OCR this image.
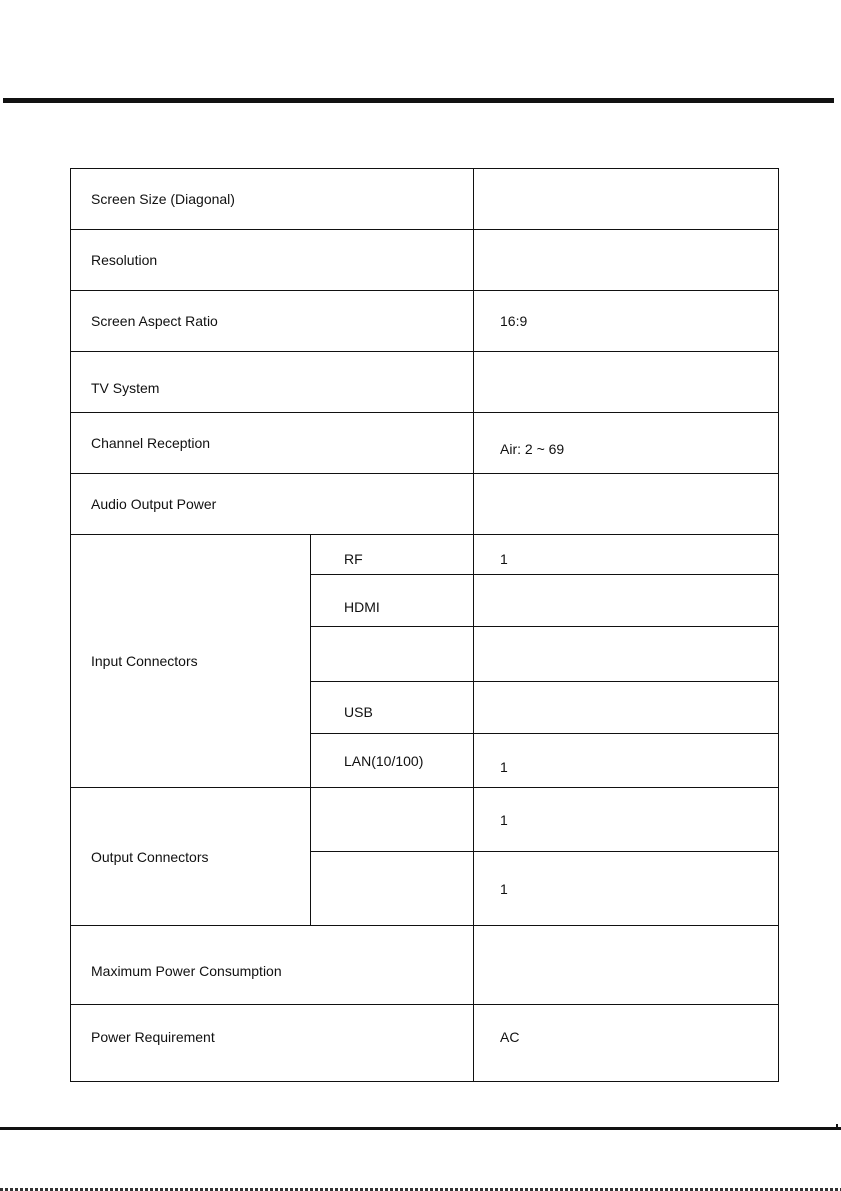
Screen Size (Diagonal)		
Resolution		
Screen Aspect Ratio		16:9
TV System		
Channel Reception		Air: 2 ~ 69
Audio Output Power		
Input Connectors	RF	1
	HDMI	

	USB	
	LAN(10/100)	1
Output Connectors		1
		1
Maximum Power Consumption		
Power Requirement		AC
